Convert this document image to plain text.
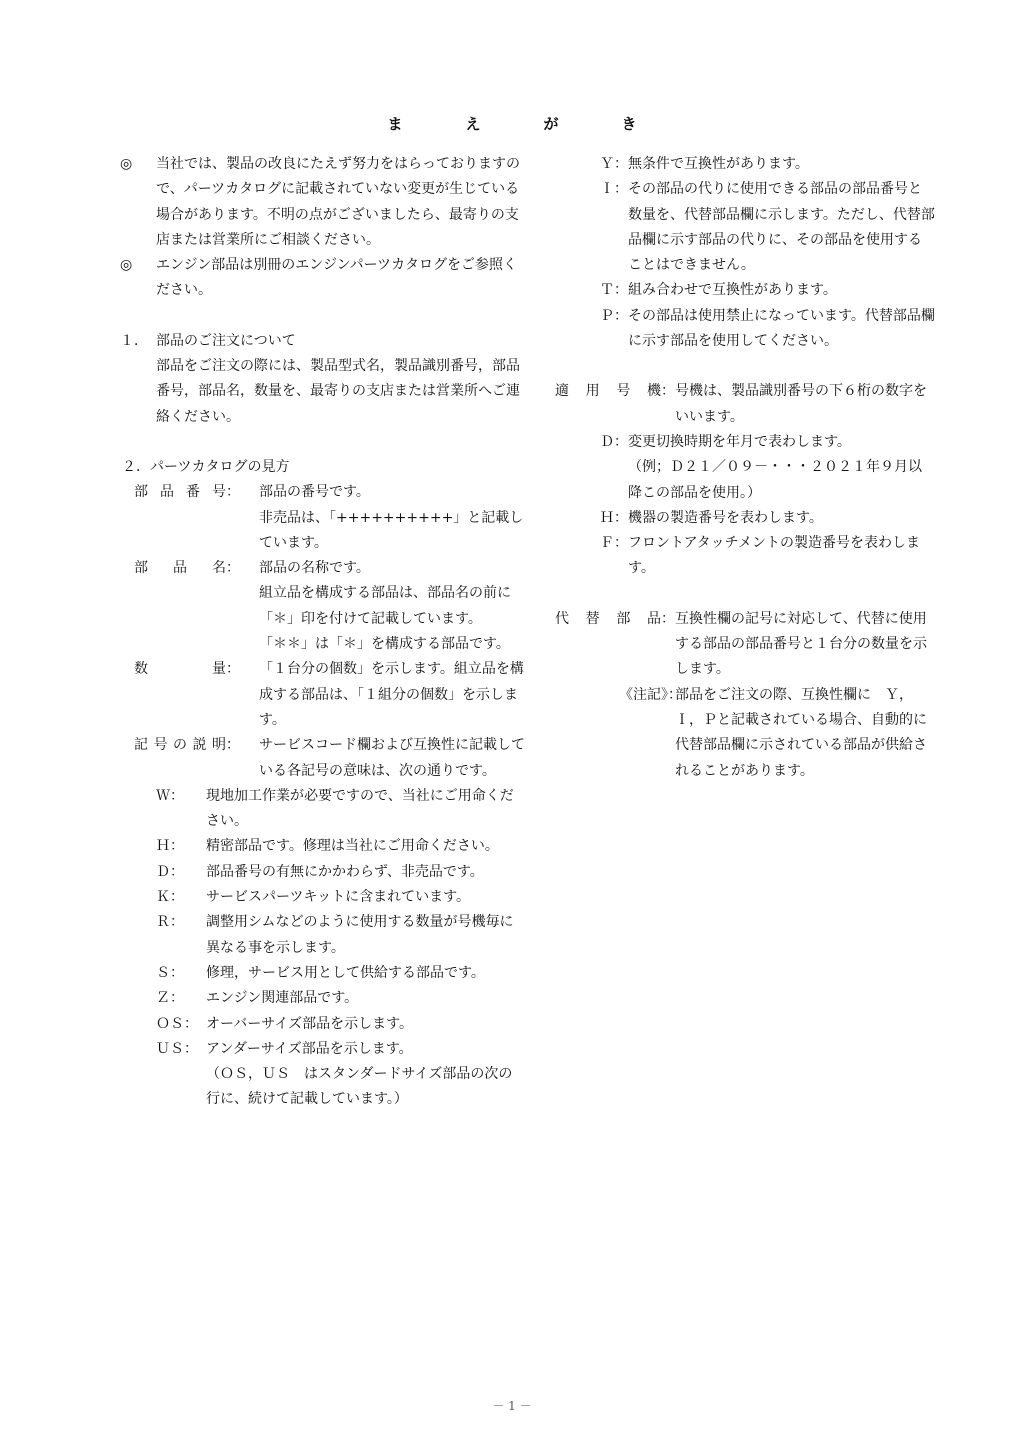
ま　え　が　き
◎	当社では、製品の改良にたえず努力をはらっておりますので、パーツカタログに記載されていない変更が生じている場合があります。不明の点がございましたら、最寄りの支店または営業所にご相談ください。
◎	エンジン部品は別冊のエンジンパーツカタログをご参照ください。
１． 部品のご注文について
部品をご注文の際には、製品型式名，製品識別番号，部品番号，部品名，数量を、最寄りの支店または営業所へご連絡ください。
２．パーツカタログの見方
部品番号：	部品の番号です。
非売品は、「++++++++++」と記載しています。
部品名：	部品の名称です。
組立品を構成する部品は、部品名の前に「＊」印を付けて記載しています。
「＊＊」は「＊」を構成する部品です。
数量：	「１台分の個数」を示します。組立品を構成する部品は、「１組分の個数」を示します。
記号の説明：	サービスコード欄および互換性に記載している各記号の意味は、次の通りです。
Ｗ：	現地加工作業が必要ですので、当社にご用命ください。
Ｈ：	精密部品です。修理は当社にご用命ください。
Ｄ：	部品番号の有無にかかわらず、非売品です。
Ｋ：	サービスパーツキットに含まれています。
Ｒ：	調整用シムなどのように使用する数量が号機毎に異なる事を示します。
Ｓ：	修理，サービス用として供給する部品です。
Ｚ：	エンジン関連部品です。
ＯＳ： オーバーサイズ部品を示します。
ＵＳ： アンダーサイズ部品を示します。
（ＯＳ，ＵＳ　はスタンダードサイズ部品の次の行に、続けて記載しています。）
Ｙ： 無条件で互換性があります。
Ｉ： その部品の代りに使用できる部品の部品番号と数量を、代替部品欄に示します。ただし、代替部品欄に示す部品の代りに、その部品を使用することはできません。
Ｔ： 組み合わせで互換性があります。
Ｐ： その部品は使用禁止になっています。代替部品欄に示す部品を使用してください。
適用号機： 号機は、製品識別番号の下６桁の数字をいいます。
Ｄ： 変更切換時期を年月で表わします。
（例；Ｄ２１／０９－・・・２０２１年９月以降この部品を使用。）
Ｈ： 機器の製造番号を表わします。
Ｆ： フロントアタッチメントの製造番号を表わします。
代替部品： 互換性欄の記号に対応して、代替に使用する部品の部品番号と１台分の数量を示します。
《注記》：
部品をご注文の際、互換性欄に　Ｙ，Ｉ，Ｐと記載されている場合、自動的に代替部品欄に示されている部品が供給されることがあります。
－ 1 －
